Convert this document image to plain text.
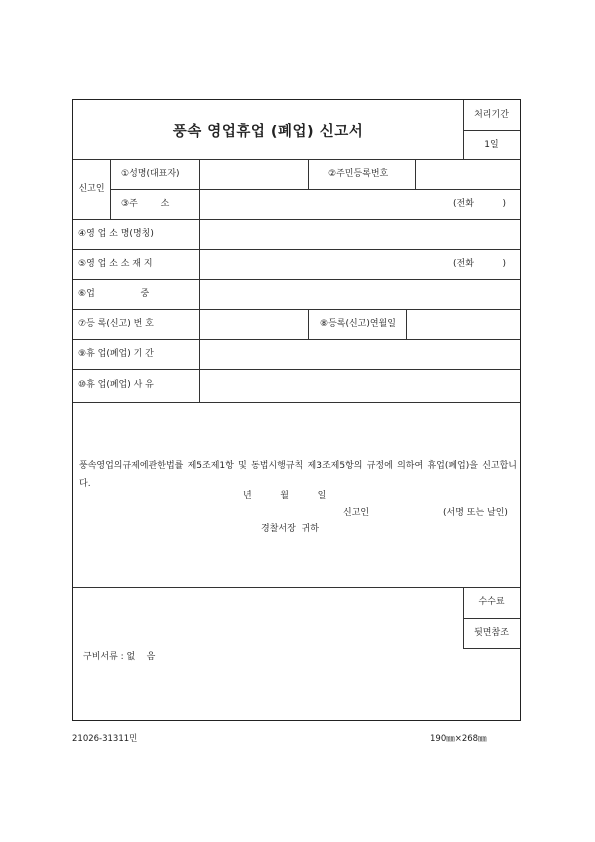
풍속 영업휴업 (폐업) 신고서
처리기간
1일
신고인
①성명(대표자)	②주민등록번호
③주        소	(전화          )
④영 업 소 명(명칭)
⑤영 업 소 소 재 지	(전화          )
⑥업                중
⑦등 록(신고) 번 호	⑧등록(신고)연월일
⑨휴 업(폐업) 기 간
⑩휴 업(폐업) 사 유
풍속영업의규제에관한법률 제5조제1항 및 동법시행규칙 제3조제5항의 규정에 의하여 휴업(폐업)을 신고합니다.
년          월          일
신고인	(서명 또는 날인)
경찰서장  귀하
수수료
뒷면참조
구비서류 : 없    음
21026-31311민	190㎜×268㎜
